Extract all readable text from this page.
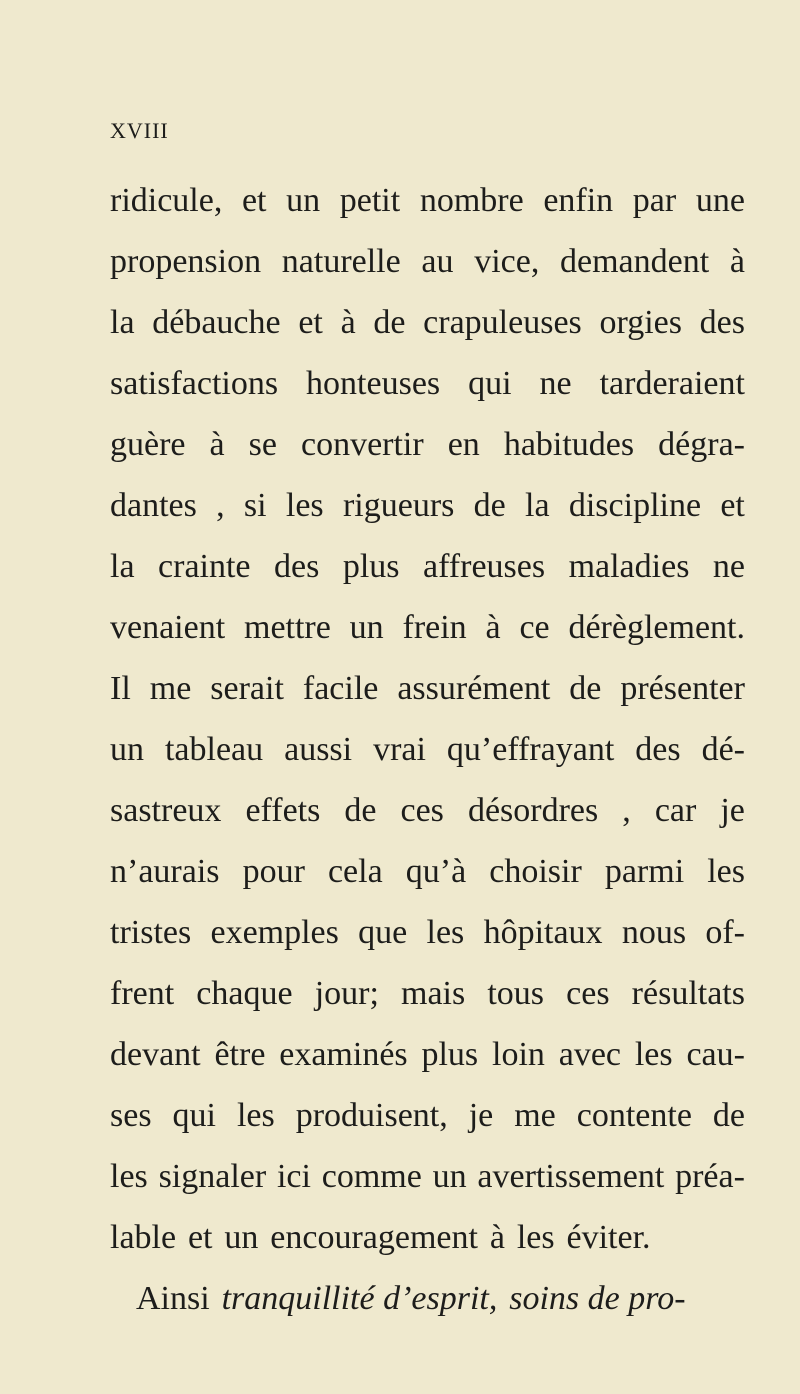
XVIII
ridicule, et un petit nombre enfin par une
propension naturelle au vice, demandent à
la débauche et à de crapuleuses orgies des
satisfactions honteuses qui ne tarderaient
guère à se convertir en habitudes dégra-
dantes , si les rigueurs de la discipline et
la crainte des plus affreuses maladies ne
venaient mettre un frein à ce dérèglement.
Il me serait facile assurément de présenter
un tableau aussi vrai qu’effrayant des dé-
sastreux effets de ces désordres , car je
n’aurais pour cela qu’à choisir parmi les
tristes exemples que les hôpitaux nous of-
frent chaque jour; mais tous ces résultats
devant être examinés plus loin avec les cau-
ses qui les produisent, je me contente de
les signaler ici comme un avertissement préa-
lable et un encouragement à les éviter.
Ainsi tranquillité d’esprit, soins de pro-
